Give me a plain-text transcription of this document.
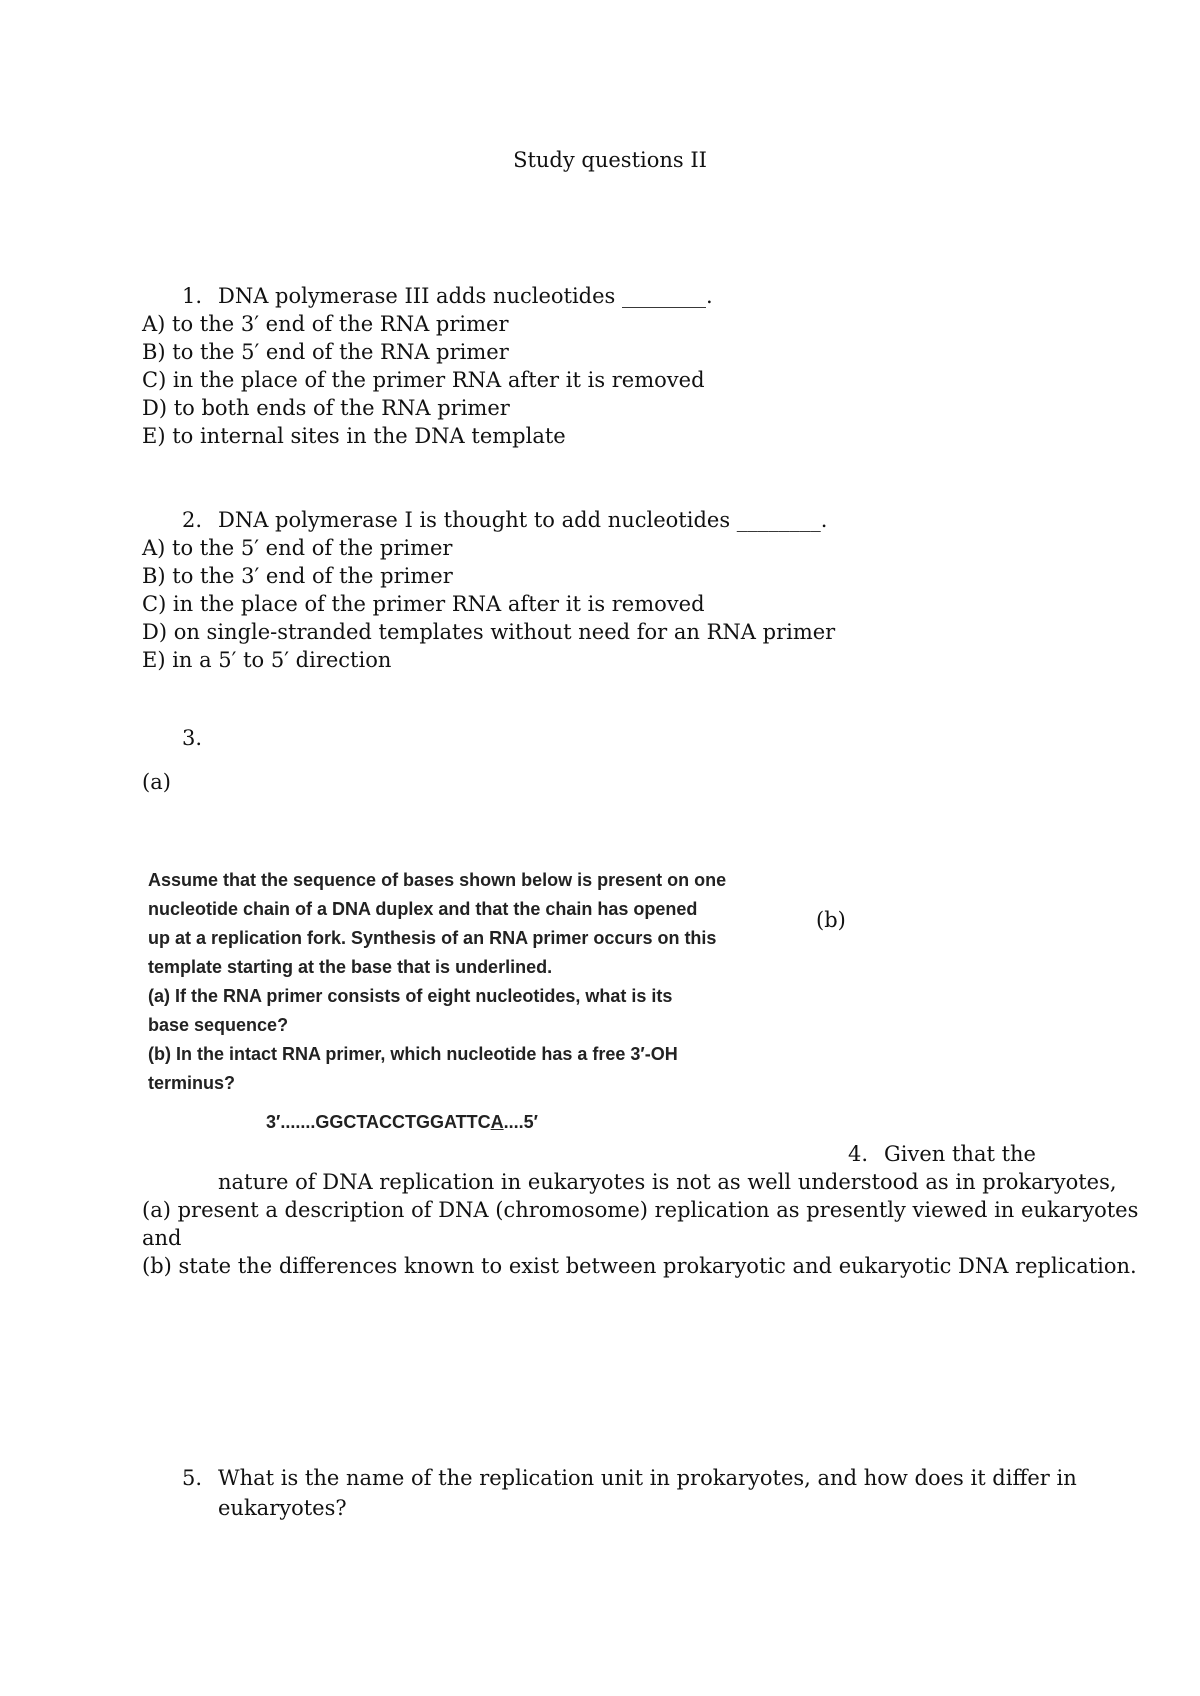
Study questions II
1. DNA polymerase III adds nucleotides ________.
A) to the 3′ end of the RNA primer
B) to the 5′ end of the RNA primer
C) in the place of the primer RNA after it is removed
D) to both ends of the RNA primer
E) to internal sites in the DNA template
2. DNA polymerase I is thought to add nucleotides ________.
A) to the 5′ end of the primer
B) to the 3′ end of the primer
C) in the place of the primer RNA after it is removed
D) on single-stranded templates without need for an RNA primer
E) in a 5′ to 5′ direction
3.
(a)
(b)
Assume that the sequence of bases shown below is present on one
nucleotide chain of a DNA duplex and that the chain has opened
up at a replication fork. Synthesis of an RNA primer occurs on this
template starting at the base that is underlined.
(a) If the RNA primer consists of eight nucleotides, what is its
base sequence?
(b) In the intact RNA primer, which nucleotide has a free 3′-OH
terminus?
3′.......GGCTACCTGGATTCA....5′
4. Given that the
nature of DNA replication in eukaryotes is not as well understood as in prokaryotes,
(a) present a description of DNA (chromosome) replication as presently viewed in eukaryotes
and
(b) state the differences known to exist between prokaryotic and eukaryotic DNA replication.
5. What is the name of the replication unit in prokaryotes, and how does it differ in
eukaryotes?
